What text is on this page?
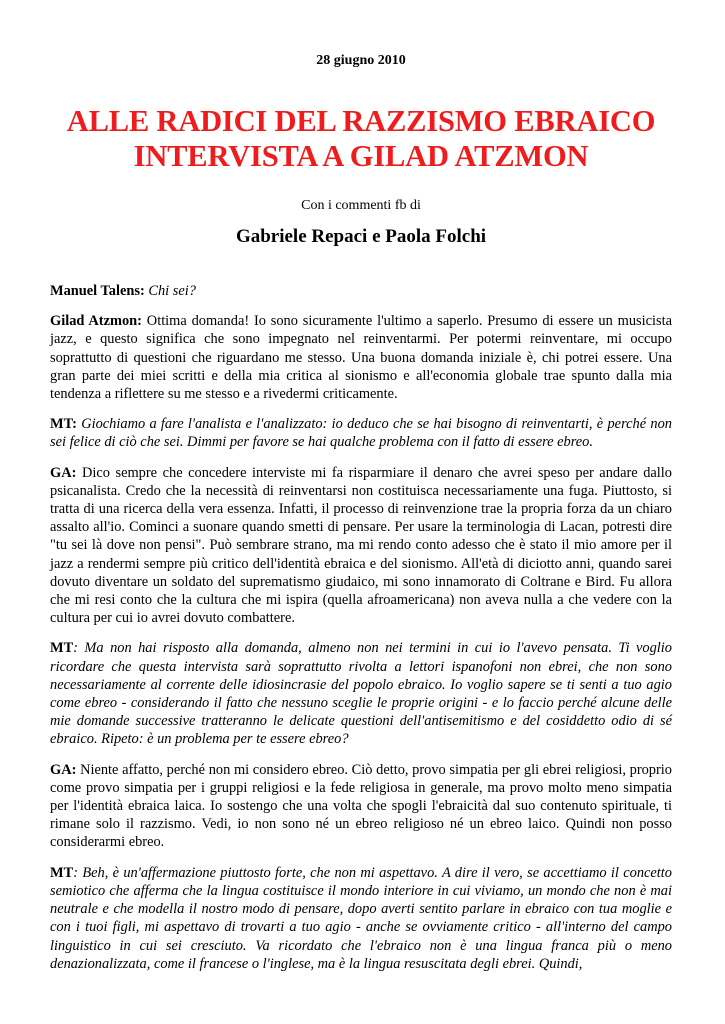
28 giugno 2010
ALLE RADICI DEL RAZZISMO EBRAICO
INTERVISTA A GILAD ATZMON
Con i commenti fb di
Gabriele Repaci e Paola Folchi

Manuel Talens: Chi sei?

Gilad Atzmon: Ottima domanda! Io sono sicuramente l'ultimo a saperlo. Presumo di essere un musicista jazz, e questo significa che sono impegnato nel reinventarmi. Per potermi reinventare, mi occupo soprattutto di questioni che riguardano me stesso. Una buona domanda iniziale è, chi potrei essere. Una gran parte dei miei scritti e della mia critica al sionismo e all'economia globale trae spunto dalla mia tendenza a riflettere su me stesso e a rivedermi criticamente.

MT: Giochiamo a fare l'analista e l'analizzato: io deduco che se hai bisogno di reinventarti, è perché non sei felice di ciò che sei. Dimmi per favore se hai qualche problema con il fatto di essere ebreo.

GA: Dico sempre che concedere interviste mi fa risparmiare il denaro che avrei speso per andare dallo psicanalista. Credo che la necessità di reinventarsi non costituisca necessariamente una fuga. Piuttosto, si tratta di una ricerca della vera essenza. Infatti, il processo di reinvenzione trae la propria forza da un chiaro assalto all'io. Cominci a suonare quando smetti di pensare. Per usare la terminologia di Lacan, potresti dire "tu sei là dove non pensi". Può sembrare strano, ma mi rendo conto adesso che è stato il mio amore per il jazz a rendermi sempre più critico dell'identità ebraica e del sionismo. All'età di diciotto anni, quando sarei dovuto diventare un soldato del suprematismo giudaico, mi sono innamorato di Coltrane e Bird. Fu allora che mi resi conto che la cultura che mi ispira (quella afroamericana) non aveva nulla a che vedere con la cultura per cui io avrei dovuto combattere.

MT: Ma non hai risposto alla domanda, almeno non nei termini in cui io l'avevo pensata. Ti voglio ricordare che questa intervista sarà soprattutto rivolta a lettori ispanofoni non ebrei, che non sono necessariamente al corrente delle idiosincrasie del popolo ebraico. Io voglio sapere se ti senti a tuo agio come ebreo - considerando il fatto che nessuno sceglie le proprie origini - e lo faccio perché alcune delle mie domande successive tratteranno le delicate questioni dell'antisemitismo e del cosiddetto odio di sé ebraico. Ripeto: è un problema per te essere ebreo?

GA: Niente affatto, perché non mi considero ebreo. Ciò detto, provo simpatia per gli ebrei religiosi, proprio come provo simpatia per i gruppi religiosi e la fede religiosa in generale, ma provo molto meno simpatia per l'identità ebraica laica. Io sostengo che una volta che spogli l'ebraicità dal suo contenuto spirituale, ti rimane solo il razzismo. Vedi, io non sono né un ebreo religioso né un ebreo laico. Quindi non posso considerarmi ebreo.

MT: Beh, è un'affermazione piuttosto forte, che non mi aspettavo. A dire il vero, se accettiamo il concetto semiotico che afferma che la lingua costituisce il mondo interiore in cui viviamo, un mondo che non è mai neutrale e che modella il nostro modo di pensare, dopo averti sentito parlare in ebraico con tua moglie e con i tuoi figli, mi aspettavo di trovarti a tuo agio - anche se ovviamente critico - all'interno del campo linguistico in cui sei cresciuto. Va ricordato che l'ebraico non è una lingua franca più o meno denazionalizzata, come il francese o l'inglese, ma è la lingua resuscitata degli ebrei. Quindi,
